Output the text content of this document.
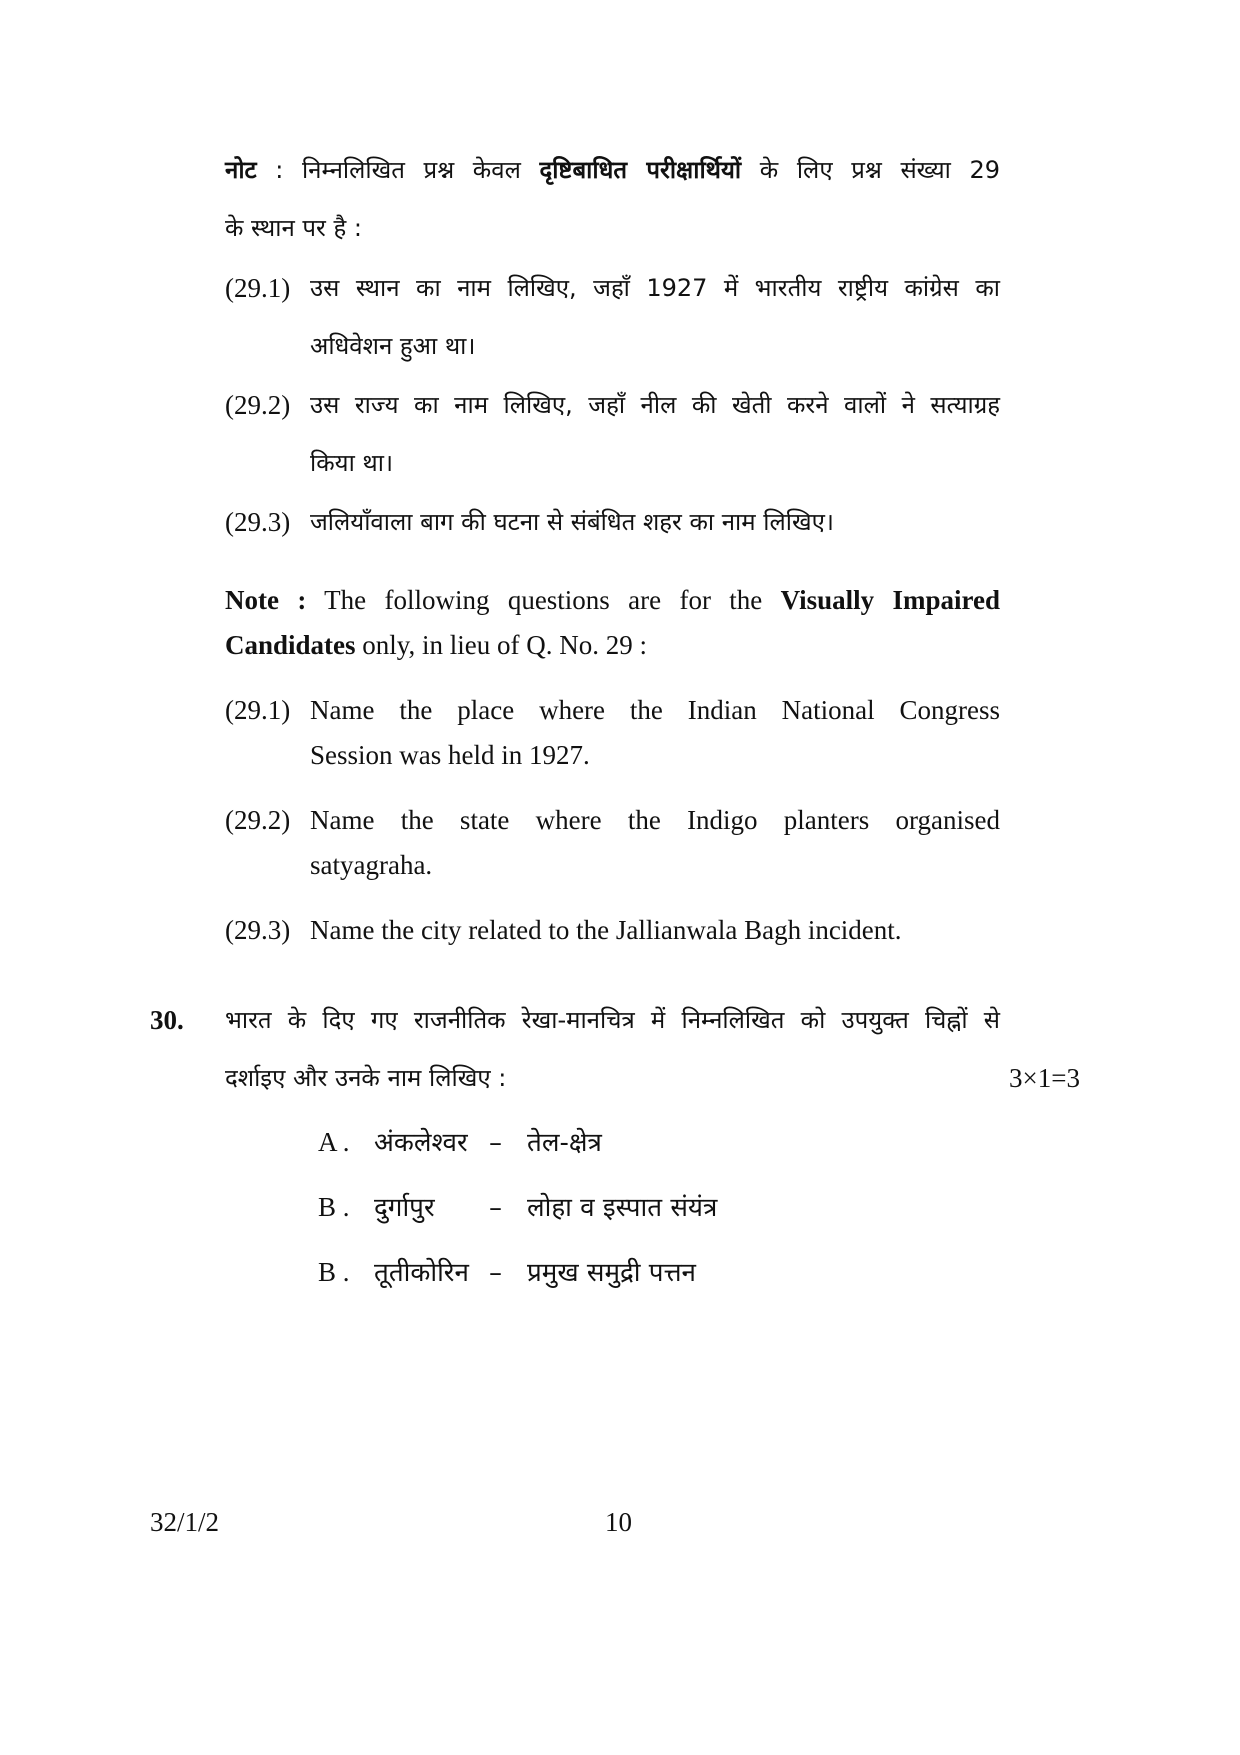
नोट : निम्नलिखित प्रश्न केवल दृष्टिबाधित परीक्षार्थियों के लिए प्रश्न संख्या 29
के स्थान पर है :
(29.1) उस स्थान का नाम लिखिए, जहाँ 1927 में भारतीय राष्ट्रीय कांग्रेस का
अधिवेशन हुआ था।
(29.2) उस राज्य का नाम लिखिए, जहाँ नील की खेती करने वालों ने सत्याग्रह
किया था।
(29.3) जलियाँवाला बाग की घटना से संबंधित शहर का नाम लिखिए।
Note : The following questions are for the Visually Impaired
Candidates only, in lieu of Q. No. 29 :
(29.1) Name the place where the Indian National Congress
Session was held in 1927.
(29.2) Name the state where the Indigo planters organised
satyagraha.
(29.3) Name the city related to the Jallianwala Bagh incident.
30. भारत के दिए गए राजनीतिक रेखा-मानचित्र में निम्नलिखित को उपयुक्त चिह्नों से
दर्शाइए और उनके नाम लिखिए :	3×1=3
A . अंकलेश्वर – तेल-क्षेत्र
B . दुर्गापुर – लोहा व इस्पात संयंत्र
B . तूतीकोरिन – प्रमुख समुद्री पत्तन
32/1/2	10
